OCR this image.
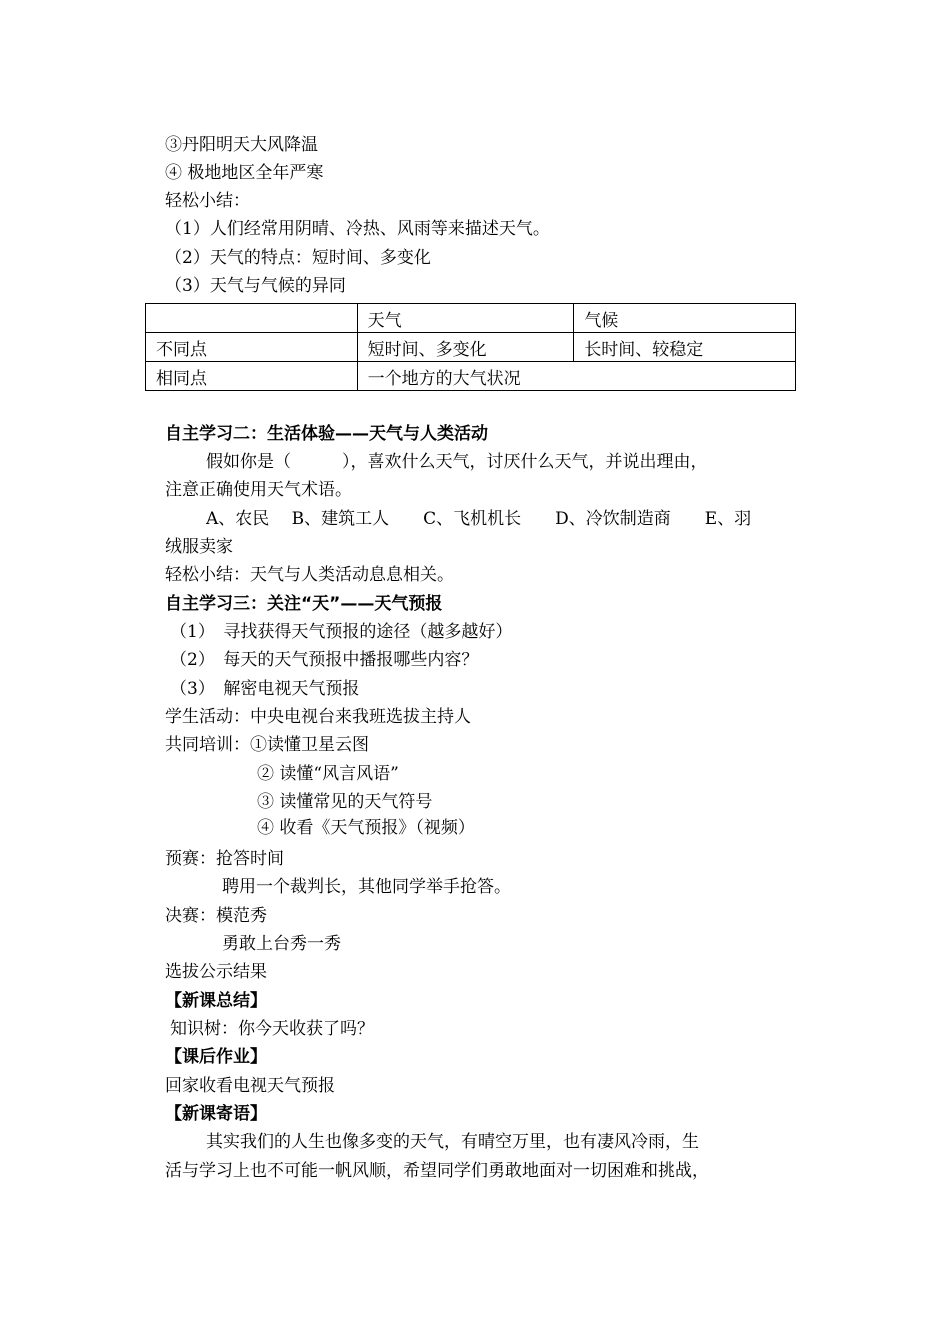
③丹阳明天大风降温
④ 极地地区全年严寒
轻松小结：
（1）人们经常用阴晴、冷热、风雨等来描述天气。
（2）天气的特点：短时间、多变化
（3）天气与气候的异同
	天气	气候
不同点	短时间、多变化	长时间、较稳定
相同点	一个地方的大气状况	
自主学习二：生活体验——天气与人类活动
假如你是（　　　），喜欢什么天气，讨厌什么天气，并说出理由，
注意正确使用天气术语。
A、农民　 B、建筑工人　　C、飞机机长　　D、冷饮制造商　　E、羽
绒服卖家
轻松小结：天气与人类活动息息相关。
自主学习三：关注“天”——天气预报
（1）　寻找获得天气预报的途径（越多越好）
（2）　每天的天气预报中播报哪些内容？
（3）　解密电视天气预报
学生活动：中央电视台来我班选拔主持人
共同培训：①读懂卫星云图
② 读懂“风言风语”
③ 读懂常见的天气符号
④ 收看《天气预报》（视频）
预赛：抢答时间
聘用一个裁判长，其他同学举手抢答。
决赛：模范秀
勇敢上台秀一秀
选拔公示结果
【新课总结】
知识树：你今天收获了吗？
【课后作业】
回家收看电视天气预报
【新课寄语】
其实我们的人生也像多变的天气，有晴空万里，也有凄风冷雨，生
活与学习上也不可能一帆风顺，希望同学们勇敢地面对一切困难和挑战，
